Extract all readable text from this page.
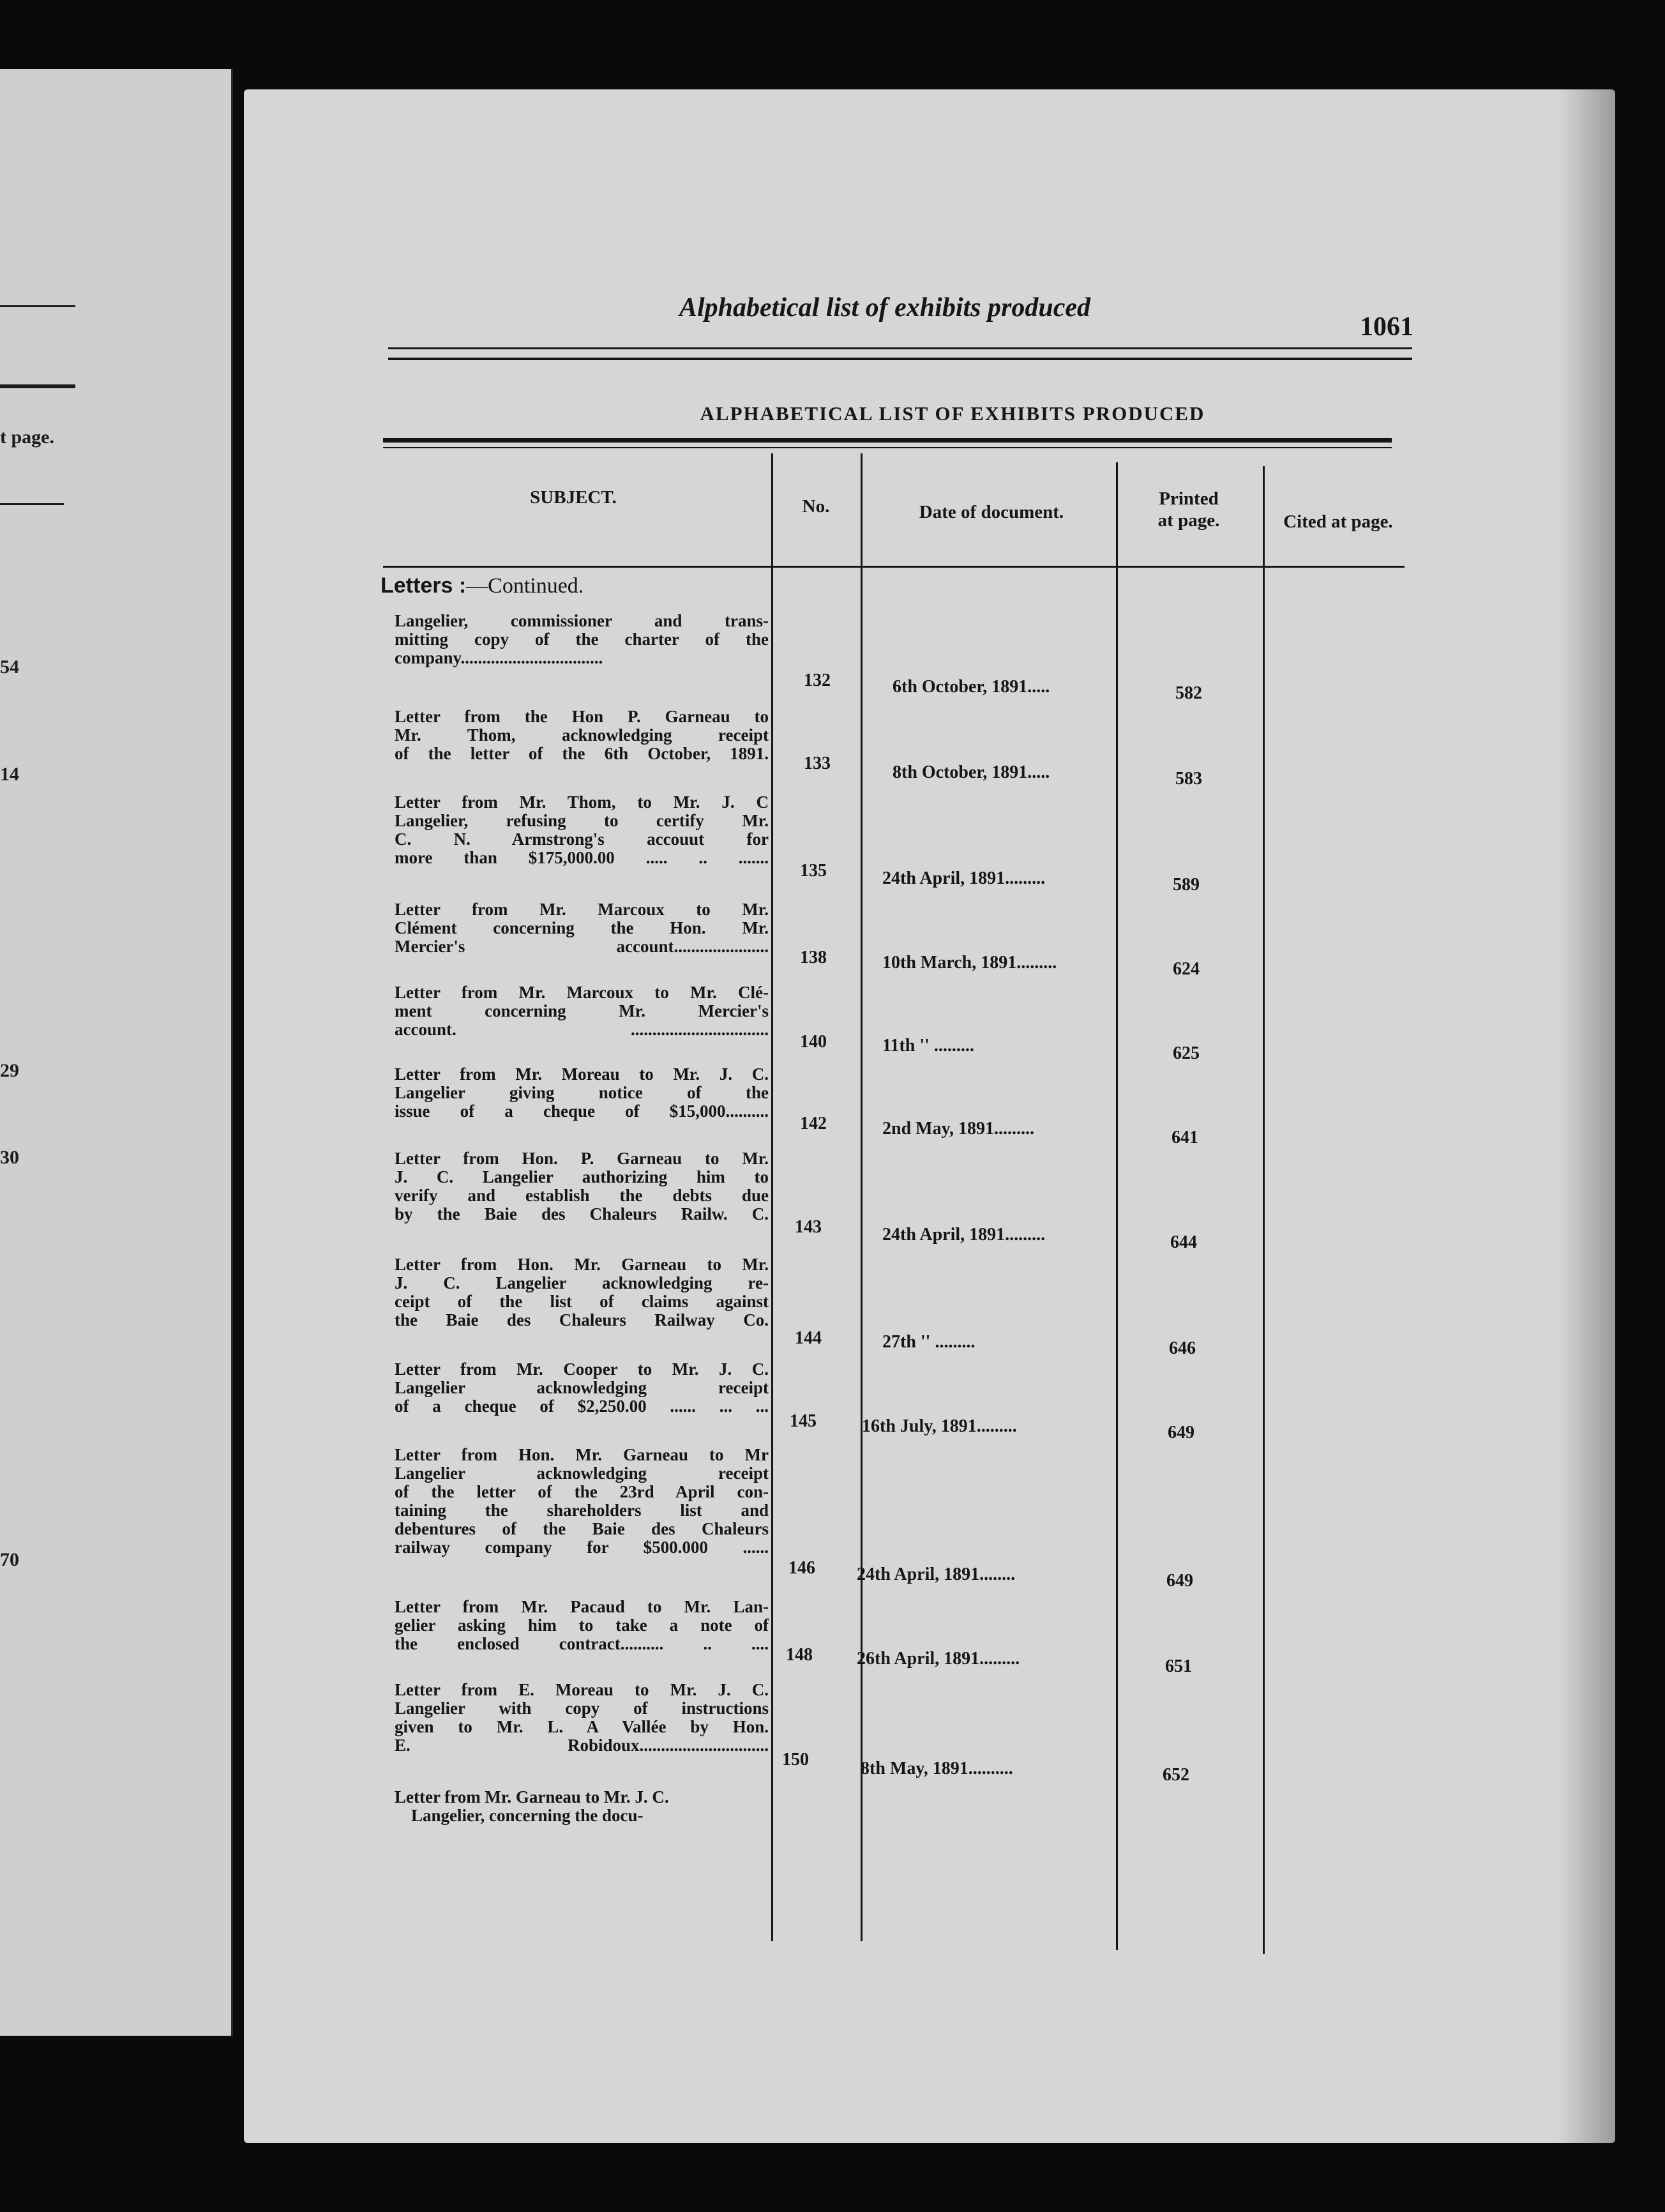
t page.
54
14
29
30
70
Alphabetical list of exhibits produced
1061
ALPHABETICAL LIST OF EXHIBITS PRODUCED
SUBJECT.	No.	Date of document.
Printed
at page.	Cited at page.
Letters :—Continued.
Langelier, commissioner and trans-
mitting copy of the charter of the
company.................................
132	6th October, 1891.....	582
Letter from the Hon P. Garneau to
Mr. Thom, acknowledging receipt
of the letter of the 6th October, 1891.	133	8th October, 1891.....	583
Letter from Mr. Thom, to Mr. J. C
Langelier, refusing to certify Mr.
C. N. Armstrong's accouut for
more than $175,000.00 ..... .. .......
135	24th April, 1891.........	589
Letter from Mr. Marcoux to Mr.
Clément concerning the Hon. Mr.
Mercier's account......................
138	10th March, 1891.........	624
Letter from Mr. Marcoux to Mr. Clé-
ment concerning Mr. Mercier's
account. ................................
140	11th '' .........	625
Letter from Mr. Moreau to Mr. J. C.
Langelier giving notice of the
issue of a cheque of $15,000..........
142	2nd May, 1891.........	641
Letter from Hon. P. Garneau to Mr.
J. C. Langelier authorizing him to
verify and establish the debts due
by the Baie des Chaleurs Railw. C.
143	24th April, 1891.........	644
Letter from Hon. Mr. Garneau to Mr.
J. C. Langelier acknowledging re-
ceipt of the list of claims against
the Baie des Chaleurs Railway Co.
144	27th '' .........	646
Letter from Mr. Cooper to Mr. J. C.
Langelier acknowledging receipt
of a cheque of $2,250.00 ...... ... ...
145	16th July, 1891.........	649
Letter from Hon. Mr. Garneau to Mr
Langelier acknowledging receipt
of the letter of the 23rd April con-
taining the shareholders list and
debentures of the Baie des Chaleurs
railway company for $500.000 ......
146	24th April, 1891........	649
Letter from Mr. Pacaud to Mr. Lan-
gelier asking him to take a note of
the enclosed contract.......... .. ....
148	26th April, 1891.........	651
Letter from E. Moreau to Mr. J. C.
Langelier with copy of instructions
given to Mr. L. A Vallée by Hon.
E. Robidoux..............................
150	8th May, 1891..........	652
Letter from Mr. Garneau to Mr. J. C.
Langelier, concerning the docu-
